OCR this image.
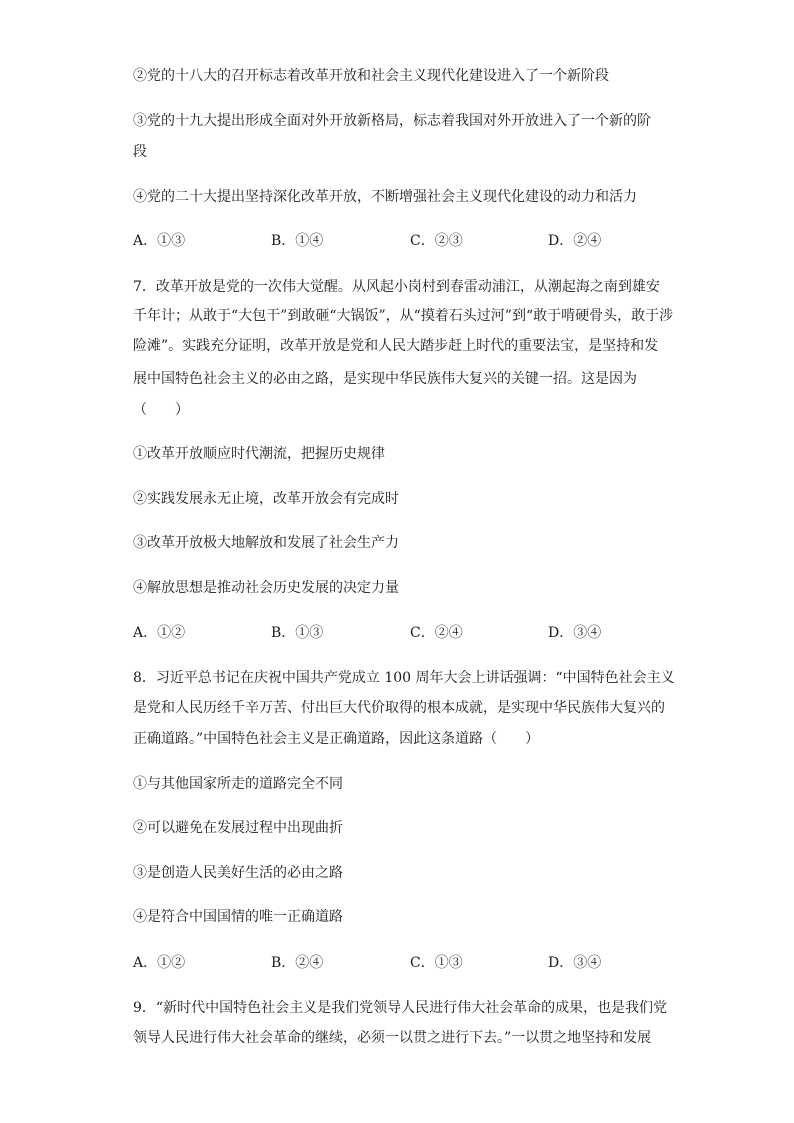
②党的十八大的召开标志着改革开放和社会主义现代化建设进入了一个新阶段
③党的十九大提出形成全面对外开放新格局，标志着我国对外开放进入了一个新的阶
段
④党的二十大提出坚持深化改革开放，不断增强社会主义现代化建设的动力和活力
A．①③	B．①④	C．②③	D．②④
7．改革开放是党的一次伟大觉醒。从风起小岗村到春雷动浦江，从潮起海之南到雄安
千年计；从敢于“大包干”到敢砸“大锅饭”，从“摸着石头过河”到“敢于啃硬骨头，敢于涉
险滩”。实践充分证明，改革开放是党和人民大踏步赶上时代的重要法宝，是坚持和发
展中国特色社会主义的必由之路，是实现中华民族伟大复兴的关键一招。这是因为
（　　）
①改革开放顺应时代潮流，把握历史规律
②实践发展永无止境，改革开放会有完成时
③改革开放极大地解放和发展了社会生产力
④解放思想是推动社会历史发展的决定力量
A．①②	B．①③	C．②④	D．③④
8．习近平总书记在庆祝中国共产党成立 100 周年大会上讲话强调：“中国特色社会主义
是党和人民历经千辛万苦、付出巨大代价取得的根本成就，是实现中华民族伟大复兴的
正确道路。”中国特色社会主义是正确道路，因此这条道路（　　）
①与其他国家所走的道路完全不同
②可以避免在发展过程中出现曲折
③是创造人民美好生活的必由之路
④是符合中国国情的唯一正确道路
A．①②	B．②④	C．①③	D．③④
9．“新时代中国特色社会主义是我们党领导人民进行伟大社会革命的成果，也是我们党
领导人民进行伟大社会革命的继续，必须一以贯之进行下去。”一以贯之地坚持和发展
